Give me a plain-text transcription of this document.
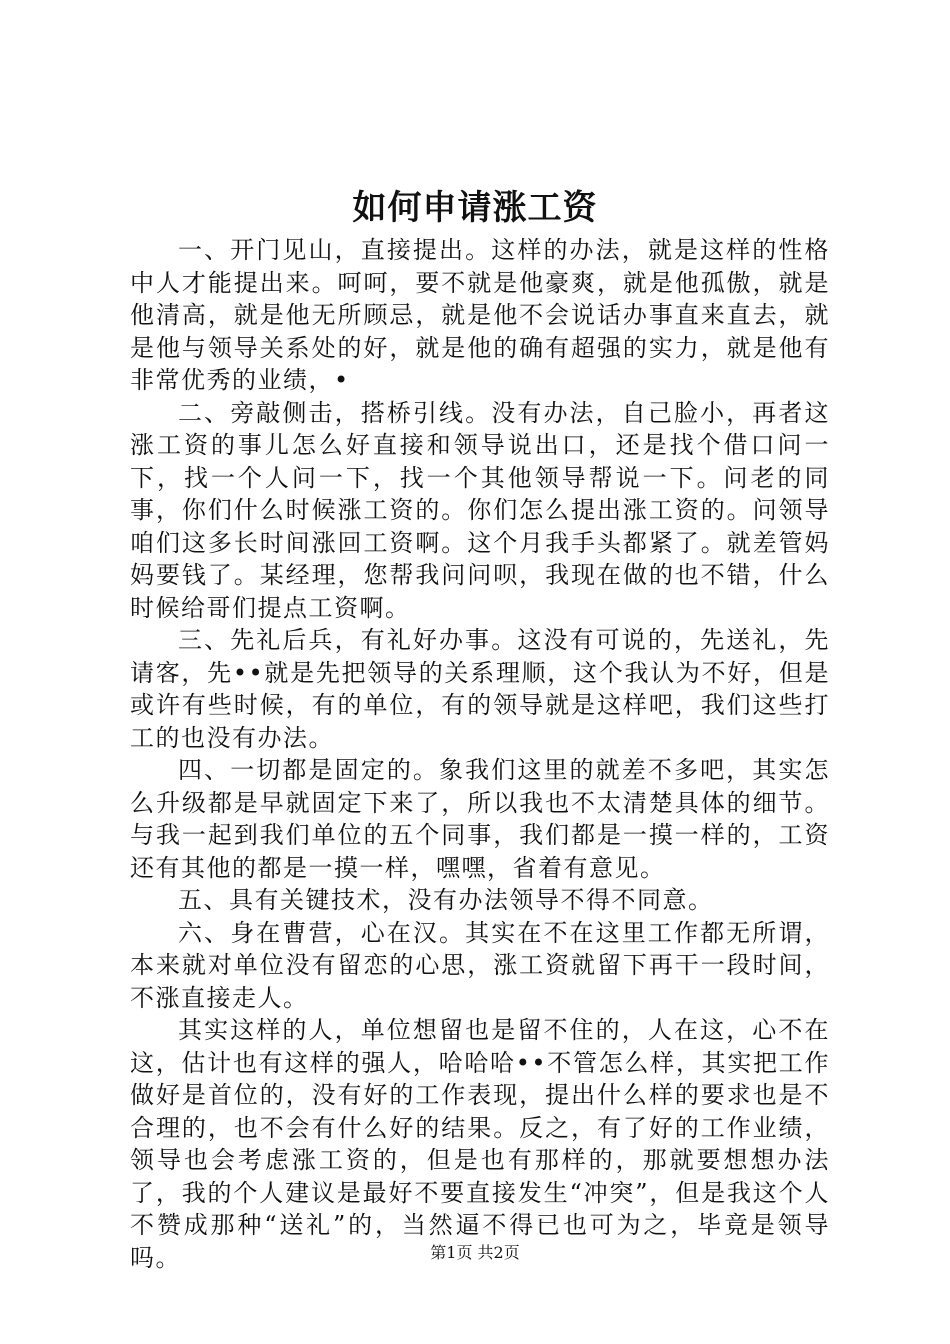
如何申请涨工资

一、开门见山，直接提出。这样的办法，就是这样的性格中人才能提出来。呵呵，要不就是他豪爽，就是他孤傲，就是他清高，就是他无所顾忌，就是他不会说话办事直来直去，就是他与领导关系处的好，就是他的确有超强的实力，就是他有非常优秀的业绩，•

二、旁敲侧击，搭桥引线。没有办法，自己脸小，再者这涨工资的事儿怎么好直接和领导说出口，还是找个借口问一下，找一个人问一下，找一个其他领导帮说一下。问老的同事，你们什么时候涨工资的。你们怎么提出涨工资的。问领导咱们这多长时间涨回工资啊。这个月我手头都紧了。就差管妈妈要钱了。某经理，您帮我问问呗，我现在做的也不错，什么时候给哥们提点工资啊。

三、先礼后兵，有礼好办事。这没有可说的，先送礼，先请客，先••就是先把领导的关系理顺，这个我认为不好，但是或许有些时候，有的单位，有的领导就是这样吧，我们这些打工的也没有办法。

四、一切都是固定的。象我们这里的就差不多吧，其实怎么升级都是早就固定下来了，所以我也不太清楚具体的细节。与我一起到我们单位的五个同事，我们都是一摸一样的，工资还有其他的都是一摸一样，嘿嘿，省着有意见。

五、具有关键技术，没有办法领导不得不同意。

六、身在曹营，心在汉。其实在不在这里工作都无所谓，本来就对单位没有留恋的心思，涨工资就留下再干一段时间，不涨直接走人。

其实这样的人，单位想留也是留不住的，人在这，心不在这，估计也有这样的强人，哈哈哈••不管怎么样，其实把工作做好是首位的，没有好的工作表现，提出什么样的要求也是不合理的，也不会有什么好的结果。反之，有了好的工作业绩，领导也会考虑涨工资的，但是也有那样的，那就要想想办法了，我的个人建议是最好不要直接发生“冲突”，但是我这个人不赞成那种“送礼”的，当然逼不得已也可为之，毕竟是领导吗。	第1页 共2页
